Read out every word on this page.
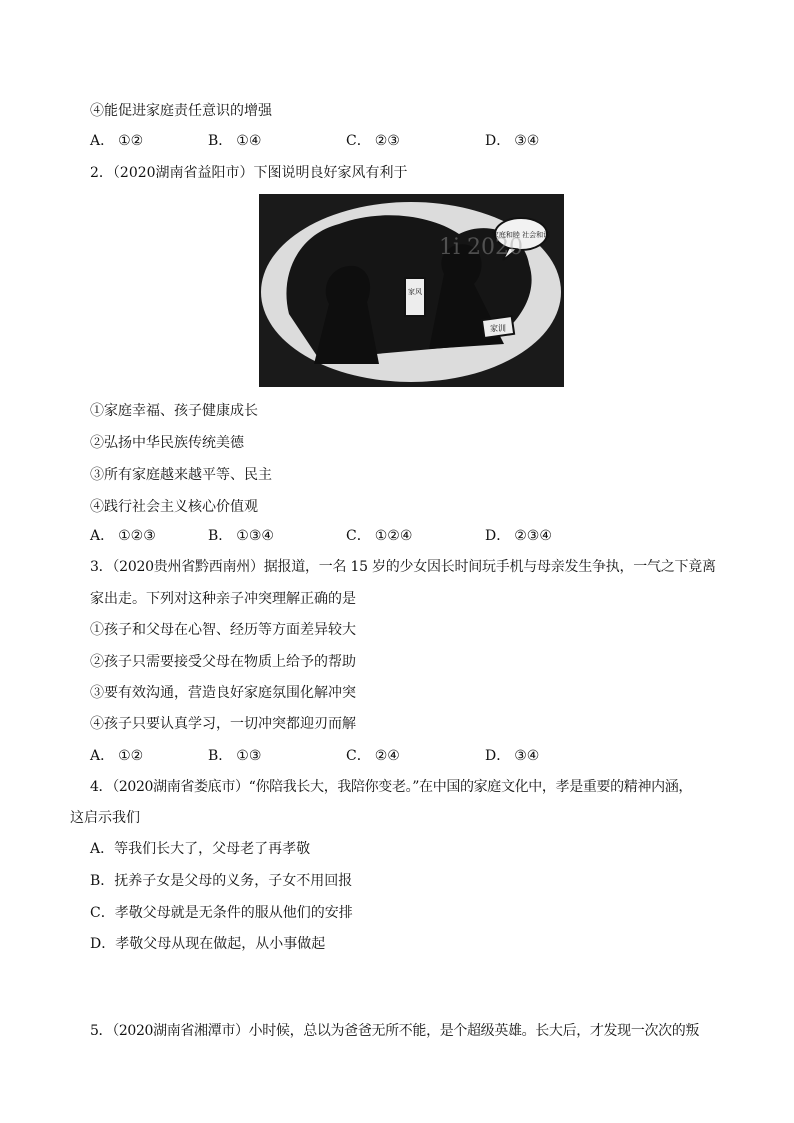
④能促进家庭责任意识的增强
A． ①②	B． ①④	C． ②③	D． ③④
2．（2020湖南省益阳市）下图说明良好家风有利于
家风
家训
家庭和睦 社会和谐
1i 2020
①家庭幸福、孩子健康成长
②弘扬中华民族传统美德
③所有家庭越来越平等、民主
④践行社会主义核心价值观
A． ①②③	B． ①③④	C． ①②④	D． ②③④
3．（2020贵州省黔西南州）据报道，一名 15 岁的少女因长时间玩手机与母亲发生争执，一气之下竟离
家出走。下列对这种亲子冲突理解正确的是
①孩子和父母在心智、经历等方面差异较大
②孩子只需要接受父母在物质上给予的帮助
③要有效沟通，营造良好家庭氛围化解冲突
④孩子只要认真学习，一切冲突都迎刃而解
A． ①②	B． ①③	C． ②④	D． ③④
4．（2020湖南省娄底市）“你陪我长大，我陪你变老。”在中国的家庭文化中，孝是重要的精神内涵，
这启示我们
A．等我们长大了，父母老了再孝敬
B．抚养子女是父母的义务，子女不用回报
C．孝敬父母就是无条件的服从他们的安排
D．孝敬父母从现在做起，从小事做起
5．（2020湖南省湘潭市）小时候，总以为爸爸无所不能，是个超级英雄。长大后，才发现一次次的叛
